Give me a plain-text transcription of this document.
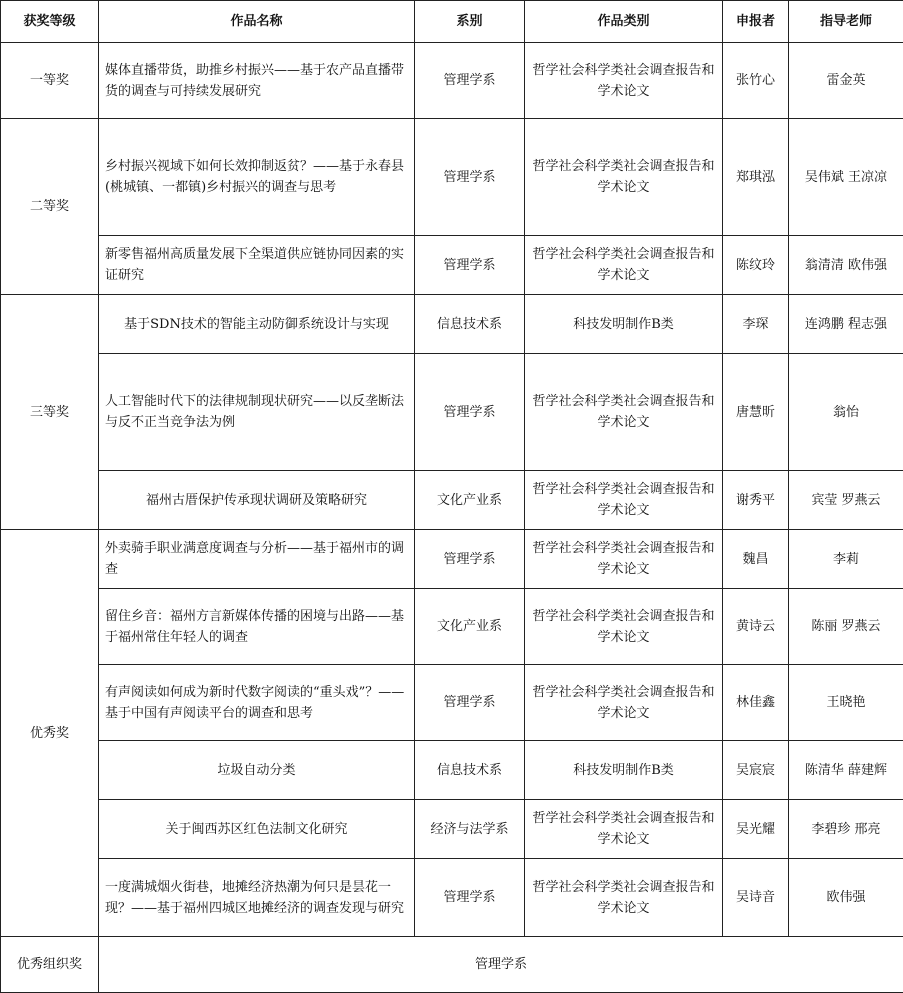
获奖等级	作品名称	系别	作品类别	申报者	指导老师
一等奖	媒体直播带货，助推乡村振兴——基于农产品直播带货的调查与可持续发展研究	管理学系	哲学社会科学类社会调查报告和学术论文	张竹心	雷金英
二等奖	乡村振兴视域下如何长效抑制返贫？——基于永春县(桃城镇、一都镇)乡村振兴的调查与思考	管理学系	哲学社会科学类社会调查报告和学术论文	郑琪泓	吴伟斌 王凉凉
	新零售福州高质量发展下全渠道供应链协同因素的实证研究	管理学系	哲学社会科学类社会调查报告和学术论文	陈纹玲	翁清清 欧伟强
三等奖	基于SDN技术的智能主动防御系统设计与实现	信息技术系	科技发明制作B类	李琛	连鸿鹏 程志强
	人工智能时代下的法律规制现状研究——以反垄断法与反不正当竞争法为例	管理学系	哲学社会科学类社会调查报告和学术论文	唐慧昕	翁怡
	福州古厝保护传承现状调研及策略研究	文化产业系	哲学社会科学类社会调查报告和学术论文	谢秀平	宾莹 罗燕云
优秀奖	外卖骑手职业满意度调查与分析——基于福州市的调查	管理学系	哲学社会科学类社会调查报告和学术论文	魏昌	李莉
	留住乡音：福州方言新媒体传播的困境与出路——基于福州常住年轻人的调查	文化产业系	哲学社会科学类社会调查报告和学术论文	黄诗云	陈丽 罗燕云
	有声阅读如何成为新时代数字阅读的“重头戏”？——基于中国有声阅读平台的调查和思考	管理学系	哲学社会科学类社会调查报告和学术论文	林佳鑫	王晓艳
	垃圾自动分类	信息技术系	科技发明制作B类	吴宸宸	陈清华 薛建辉
	关于闽西苏区红色法制文化研究	经济与法学系	哲学社会科学类社会调查报告和学术论文	吴光耀	李碧珍 邢亮
	一度满城烟火街巷，地摊经济热潮为何只是昙花一现？——基于福州四城区地摊经济的调查发现与研究	管理学系	哲学社会科学类社会调查报告和学术论文	吴诗音	欧伟强
优秀组织奖	管理学系				
